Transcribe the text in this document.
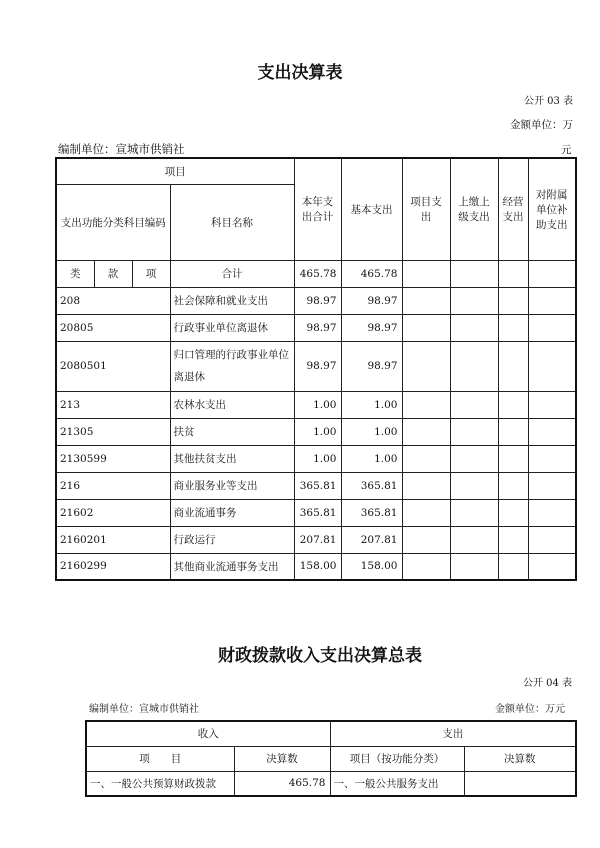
支出决算表
公开 03 表
金额单位：万
编制单位：宣城市供销社	元
项目				本年支出合计	基本支出	项目支出	上缴上级支出	经营支出	对附属单位补助支出
支出功能分类科目编码			科目名称						
类	款	项	合计	465.78	465.78				
208			社会保障和就业支出	98.97	98.97				
20805			行政事业单位离退休	98.97	98.97				
2080501			归口管理的行政事业单位离退休	98.97	98.97				
213			农林水支出	1.00	1.00				
21305			扶贫	1.00	1.00				
2130599			其他扶贫支出	1.00	1.00				
216			商业服务业等支出	365.81	365.81				
21602			商业流通事务	365.81	365.81				
2160201			行政运行	207.81	207.81				
2160299			其他商业流通事务支出	158.00	158.00				
财政拨款收入支出决算总表
公开 04 表
编制单位：宣城市供销社	金额单位：万元
收入		支出	
项　　目	决算数	项目（按功能分类）	决算数
一、一般公共预算财政拨款	465.78	一、一般公共服务支出	
